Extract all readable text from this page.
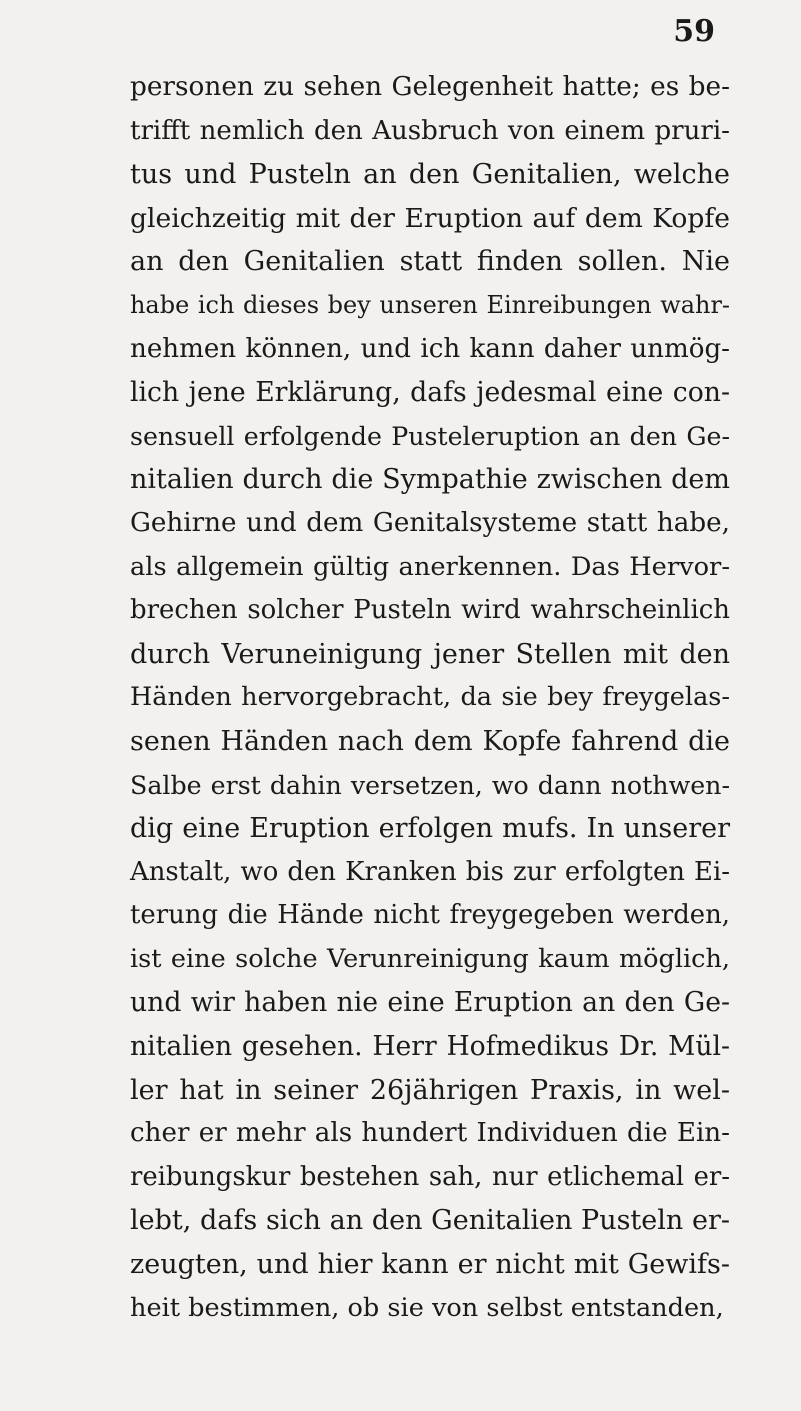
59
personen zu sehen Gelegenheit hatte; es be-
trifft nemlich den Ausbruch von einem pruri-
tus und Pusteln an den Genitalien, welche
gleichzeitig mit der Eruption auf dem Kopfe
an den Genitalien statt finden sollen. Nie
habe ich dieses bey unseren Einreibungen wahr-
nehmen können, und ich kann daher unmög-
lich jene Erklärung, dafs jedesmal eine con-
sensuell erfolgende Pusteleruption an den Ge-
nitalien durch die Sympathie zwischen dem
Gehirne und dem Genitalsysteme statt habe,
als allgemein gültig anerkennen. Das Hervor-
brechen solcher Pusteln wird wahrscheinlich
durch Veruneinigung jener Stellen mit den
Händen hervorgebracht, da sie bey freygelas-
senen Händen nach dem Kopfe fahrend die
Salbe erst dahin versetzen, wo dann nothwen-
dig eine Eruption erfolgen mufs. In unserer
Anstalt, wo den Kranken bis zur erfolgten Ei-
terung die Hände nicht freygegeben werden,
ist eine solche Verunreinigung kaum möglich,
und wir haben nie eine Eruption an den Ge-
nitalien gesehen. Herr Hofmedikus Dr. Mül-
ler hat in seiner 26jährigen Praxis, in wel-
cher er mehr als hundert Individuen die Ein-
reibungskur bestehen sah, nur etlichemal er-
lebt, dafs sich an den Genitalien Pusteln er-
zeugten, und hier kann er nicht mit Gewifs-
heit bestimmen, ob sie von selbst entstanden,
